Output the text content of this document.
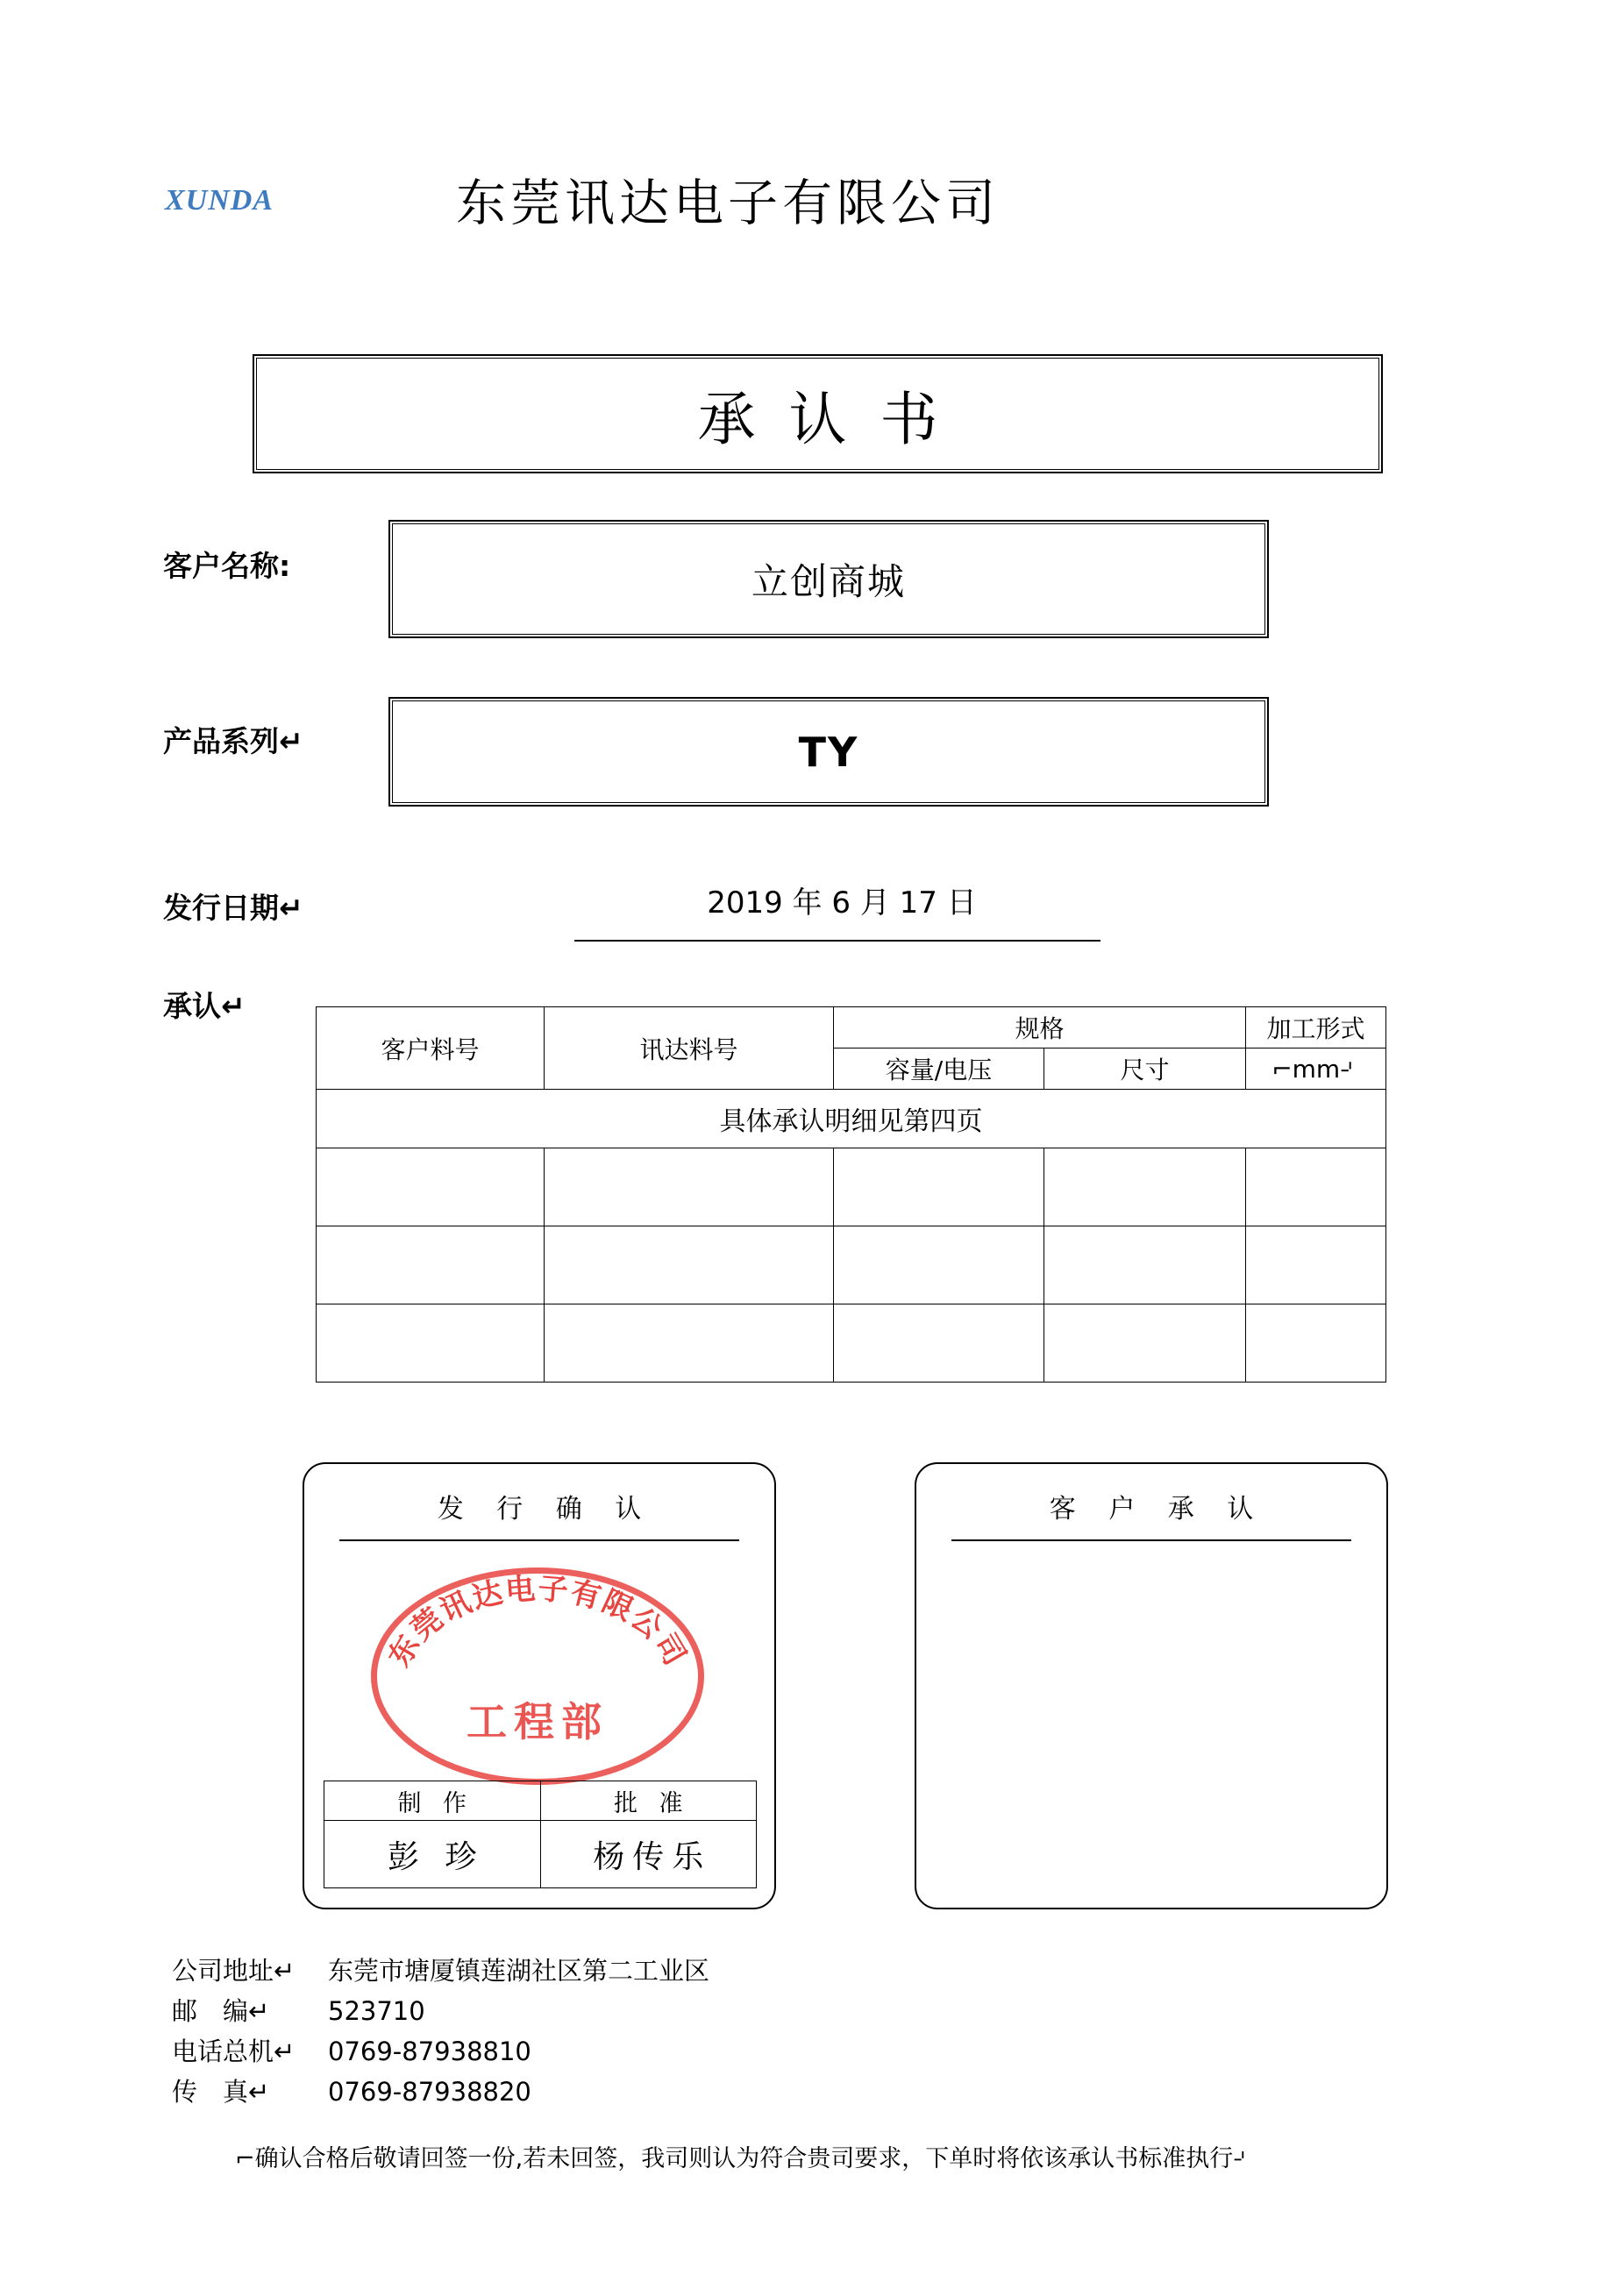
XUNDA	东莞讯达电子有限公司
承认书
客户名称:	立创商城
产品系列↵	TY
发行日期↵	2019 年 6 月 17 日
承认↵
客户料号	讯达料号	规格		加工形式
		容量/电压	尺寸	⌐mm⌏
具体承认明细见第四页				

发 行 确 认
东莞讯达电子有限公司
工程部
制 作	批 准
彭 珍	杨传乐
客 户 承 认
公司地址↵ 东莞市塘厦镇莲湖社区第二工业区
邮　编↵ 523710
电话总机↵ 0769-87938810
传　真↵ 0769-87938820
⌐确认合格后敬请回签一份,若未回签，我司则认为符合贵司要求，下单时将依该承认书标准执行⌏
